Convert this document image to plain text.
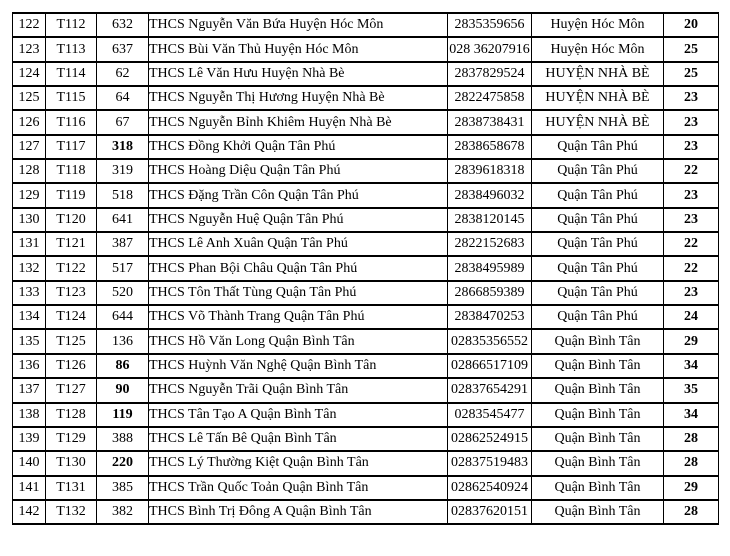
122	T112	632	THCS Nguyễn Văn Bứa Huyện Hóc Môn	2835359656	Huyện Hóc Môn	20
123	T113	637	THCS Bùi Văn Thủ Huyện Hóc Môn	028 36207916	Huyện Hóc Môn	25
124	T114	62	THCS Lê Văn Hưu Huyện Nhà Bè	2837829524	HUYỆN NHÀ BÈ	25
125	T115	64	THCS Nguyễn Thị Hương Huyện Nhà Bè	2822475858	HUYỆN NHÀ BÈ	23
126	T116	67	THCS Nguyễn Bỉnh Khiêm Huyện Nhà Bè	2838738431	HUYỆN NHÀ BÈ	23
127	T117	318	THCS Đồng Khởi Quận Tân Phú	2838658678	Quận Tân Phú	23
128	T118	319	THCS Hoàng Diệu Quận Tân Phú	2839618318	Quận Tân Phú	22
129	T119	518	THCS Đặng Trần Côn Quận Tân Phú	2838496032	Quận Tân Phú	23
130	T120	641	THCS Nguyễn Huệ Quận Tân Phú	2838120145	Quận Tân Phú	23
131	T121	387	THCS Lê Anh Xuân Quận Tân Phú	2822152683	Quận Tân Phú	22
132	T122	517	THCS Phan Bội Châu Quận Tân Phú	2838495989	Quận Tân Phú	22
133	T123	520	THCS Tôn Thất Tùng Quận Tân Phú	2866859389	Quận Tân Phú	23
134	T124	644	THCS Võ Thành Trang Quận Tân Phú	2838470253	Quận Tân Phú	24
135	T125	136	THCS Hồ Văn Long Quận Bình Tân	02835356552	Quận Bình Tân	29
136	T126	86	THCS Huỳnh Văn Nghệ Quận Bình Tân	02866517109	Quận Bình Tân	34
137	T127	90	THCS Nguyễn Trãi Quận Bình Tân	02837654291	Quận Bình Tân	35
138	T128	119	THCS Tân Tạo A Quận Bình Tân	0283545477	Quận Bình Tân	34
139	T129	388	THCS Lê Tấn Bê Quận Bình Tân	02862524915	Quận Bình Tân	28
140	T130	220	THCS Lý Thường Kiệt Quận Bình Tân	02837519483	Quận Bình Tân	28
141	T131	385	THCS Trần Quốc Toản Quận Bình Tân	02862540924	Quận Bình Tân	29
142	T132	382	THCS Bình Trị Đông A Quận Bình Tân	02837620151	Quận Bình Tân	28
